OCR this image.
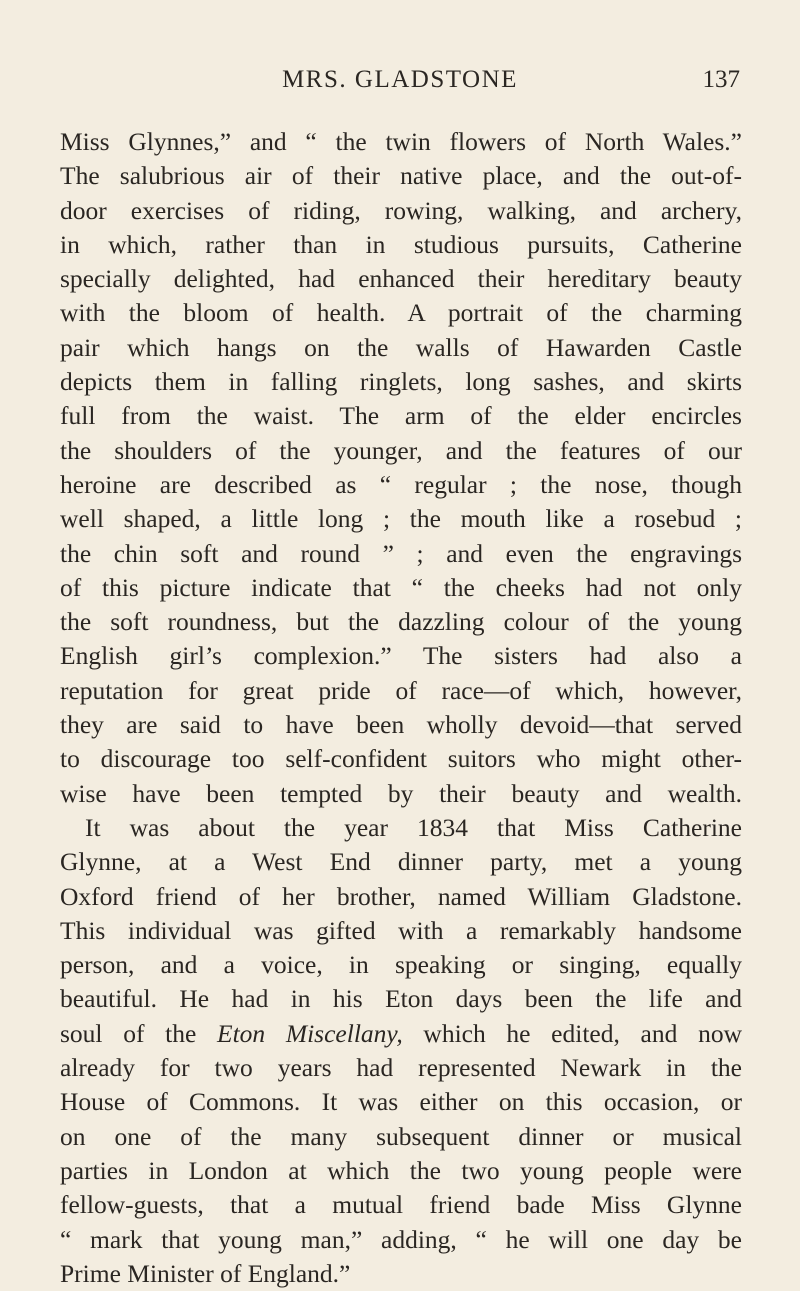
MRS. GLADSTONE	137
Miss Glynnes,” and “ the twin flowers of North Wales.”
The salubrious air of their native place, and the out-of-
door exercises of riding, rowing, walking, and archery,
in which, rather than in studious pursuits, Catherine
specially delighted, had enhanced their hereditary beauty
with the bloom of health. A portrait of the charming
pair which hangs on the walls of Hawarden Castle
depicts them in falling ringlets, long sashes, and skirts
full from the waist. The arm of the elder encircles
the shoulders of the younger, and the features of our
heroine are described as “ regular ; the nose, though
well shaped, a little long ; the mouth like a rosebud ;
the chin soft and round ” ; and even the engravings
of this picture indicate that “ the cheeks had not only
the soft roundness, but the dazzling colour of the young
English girl’s complexion.” The sisters had also a
reputation for great pride of race—of which, however,
they are said to have been wholly devoid—that served
to discourage too self-confident suitors who might other-
wise have been tempted by their beauty and wealth.
It was about the year 1834 that Miss Catherine
Glynne, at a West End dinner party, met a young
Oxford friend of her brother, named William Gladstone.
This individual was gifted with a remarkably handsome
person, and a voice, in speaking or singing, equally
beautiful. He had in his Eton days been the life and
soul of the Eton Miscellany, which he edited, and now
already for two years had represented Newark in the
House of Commons. It was either on this occasion, or
on one of the many subsequent dinner or musical
parties in London at which the two young people were
fellow-guests, that a mutual friend bade Miss Glynne
“ mark that young man,” adding, “ he will one day be
Prime Minister of England.”
